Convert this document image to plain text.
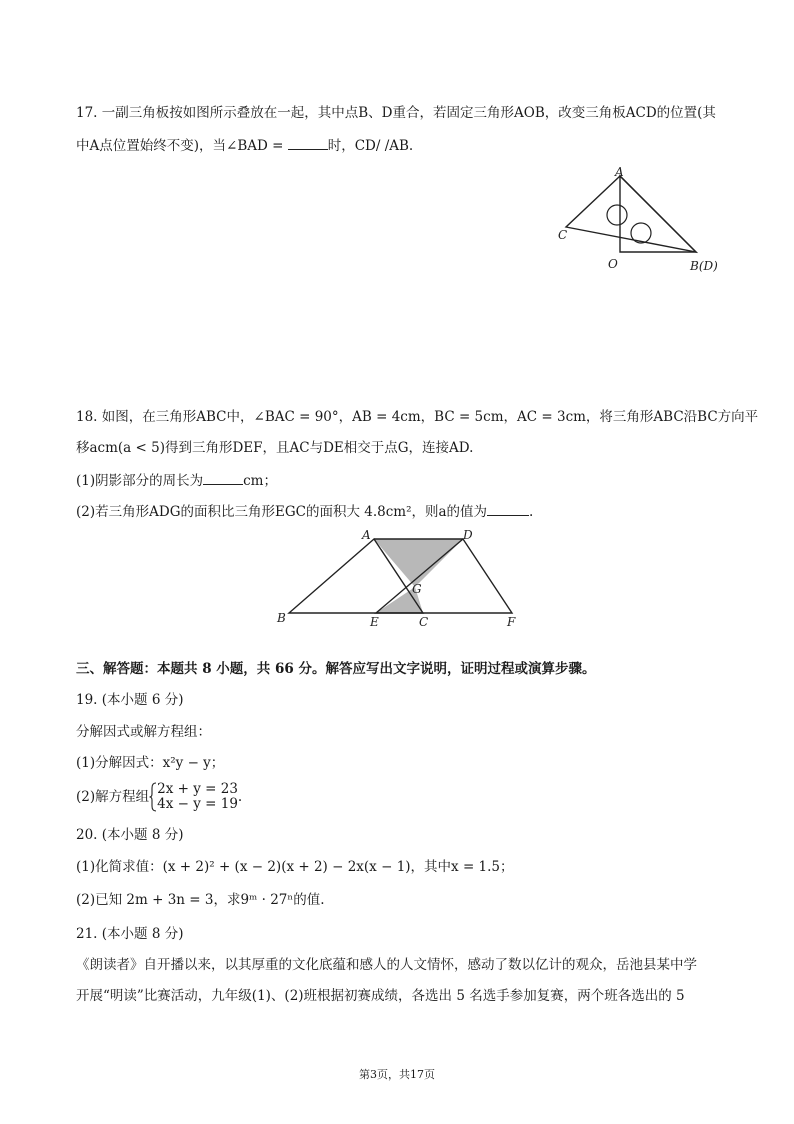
17. 一副三角板按如图所示叠放在一起，其中点B、D重合，若固定三角形AOB，改变三角板ACD的位置(其
中A点位置始终不变)，当∠BAD =	时，CD/ /AB.
A
C
O	B(D)
18. 如图，在三角形ABC中，∠BAC = 90°，AB = 4cm，BC = 5cm，AC = 3cm，将三角形ABC沿BC方向平
移acm(a < 5)得到三角形DEF，且AC与DE相交于点G，连接AD.
(1)阴影部分的周长为	cm；
(2)若三角形ADG的面积比三角形EGC的面积大 4.8cm²，则a的值为	.
A	D
G
B	E	C	F
三、解答题：本题共 8 小题，共 66 分。解答应写出文字说明，证明过程或演算步骤。
19. (本小题 6 分)
分解因式或解方程组：
(1)分解因式：x²y − y；
(2)解方程组 2x + y = 23
4x − y = 19 .
20. (本小题 8 分)
(1)化简求值：(x + 2)² + (x − 2)(x + 2) − 2x(x − 1)，其中x = 1.5；
(2)已知 2m + 3n = 3，求9ᵐ · 27ⁿ的值.
21. (本小题 8 分)
《朗读者》自开播以来，以其厚重的文化底蕴和感人的人文情怀，感动了数以亿计的观众，岳池县某中学
开展“明读”比赛活动，九年级(1)、(2)班根据初赛成绩，各选出 5 名选手参加复赛，两个班各选出的 5
第3页，共17页
